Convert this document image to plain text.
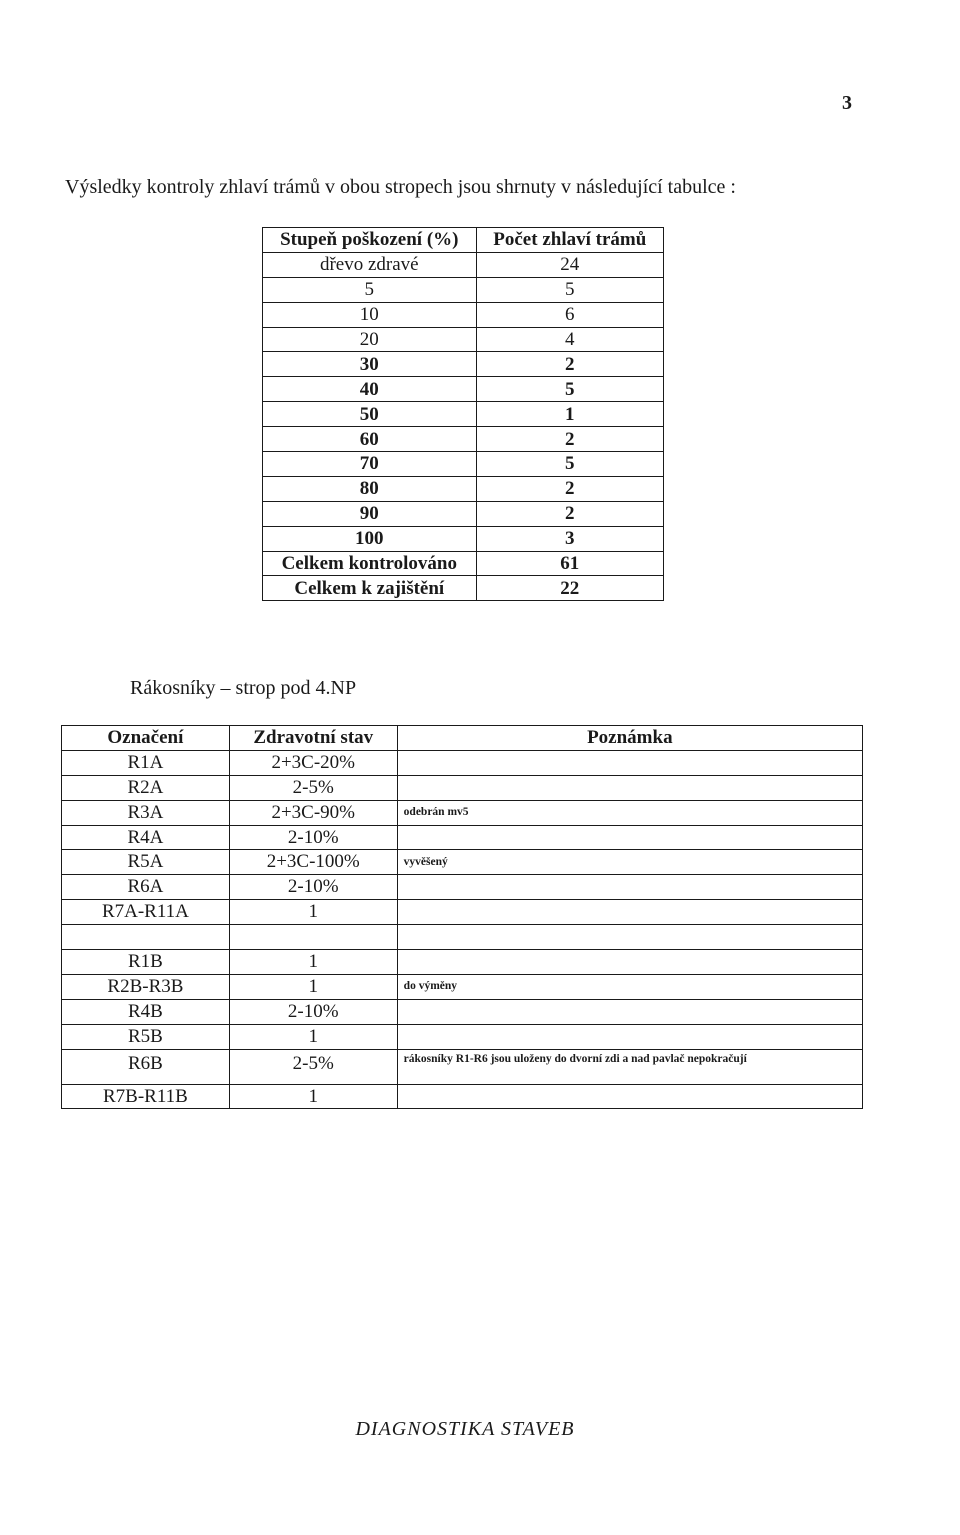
3
Výsledky kontroly zhlaví trámů v obou stropech jsou shrnuty v následující tabulce :
Stupeň poškození (%)	Počet zhlaví trámů
dřevo zdravé	24
5	5
10	6
20	4
30	2
40	5
50	1
60	2
70	5
80	2
90	2
100	3
Celkem kontrolováno	61
Celkem k zajištění	22
Rákosníky – strop pod 4.NP
Označení	Zdravotní stav	Poznámka
R1A	2+3C-20%	
R2A	2-5%	
R3A	2+3C-90%	odebrán mv5
R4A	2-10%	
R5A	2+3C-100%	vyvěšený
R6A	2-10%	
R7A-R11A	1	

R1B	1	
R2B-R3B	1	do výměny
R4B	2-10%	
R5B	1	
R6B	2-5%	rákosníky R1-R6 jsou uloženy do dvorní zdi a nad pavlač nepokračují
R7B-R11B	1	
DIAGNOSTIKA STAVEB
